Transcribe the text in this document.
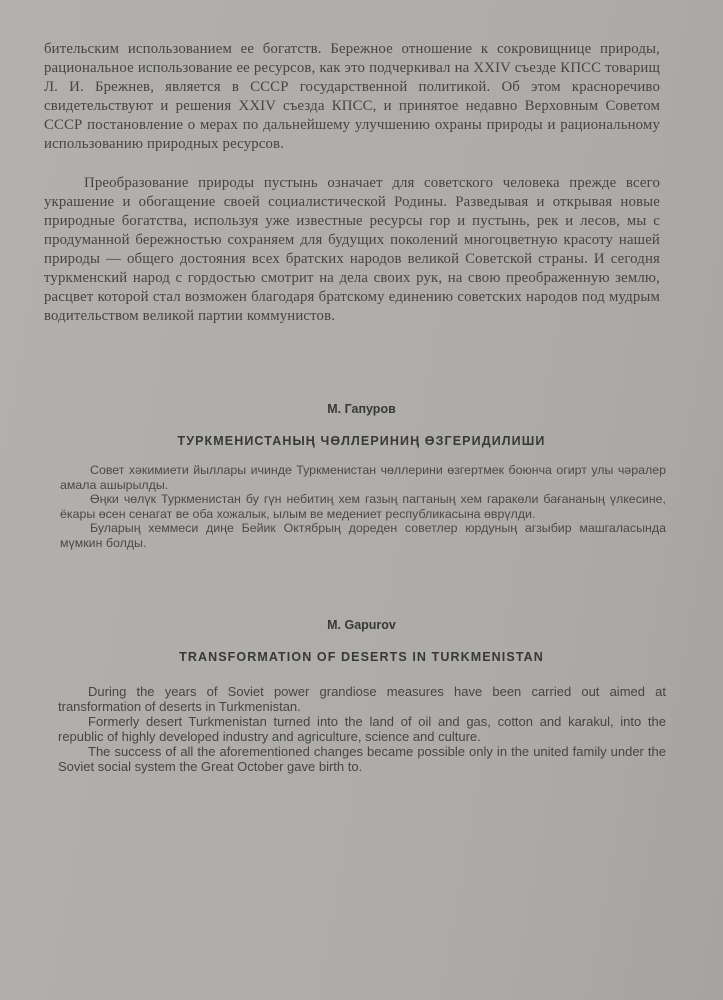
бительским использованием ее богатств. Бережное отношение к сокровищнице природы, рациональное использование ее ресурсов, как это подчеркивал на XXIV съезде КПСС товарищ Л. И. Брежнев, является в СССР государственной политикой. Об этом красноречиво свидетельствуют и решения XXIV съезда КПСС, и принятое недавно Верховным Советом СССР постановление о мерах по дальнейшему улучшению охраны природы и рациональному использованию природных ресурсов.

Преобразование природы пустынь означает для советского человека прежде всего украшение и обогащение своей социалистической Родины. Разведывая и открывая новые природные богатства, используя уже известные ресурсы гор и пустынь, рек и лесов, мы с продуманной бережностью сохраняем для будущих поколений многоцветную красоту нашей природы — общего достояния всех братских народов великой Советской страны. И сегодня туркменский народ с гордостью смотрит на дела своих рук, на свою преображенную землю, расцвет которой стал возможен благодаря братскому единению советских народов под мудрым водительством великой партии коммунистов.

М. Гапуров

ТУРКМЕНИСТАНЫҢ ЧӨЛЛЕРИНИҢ ӨЗГЕРИДИЛИШИ

Совет хәкимиети йыллары ичинде Туркменистан чөллерини өзгертмек боюнча огирт улы чәралер амала ашырылды.
Өңки чөлүк Туркменистан бу гүн небитиң хем газың пагтаның хем гаракөли бағананың үлкесине, ёкары өсен сенагат ве оба хожалык, ылым ве медениет республикасына өврүлди.
Буларың хеммеси диңе Бейик Октябрың дореден советлер юрдуның агзыбир машгаласында мүмкин болды.

M. Gapurov

TRANSFORMATION OF DESERTS IN TURKMENISTAN

During the years of Soviet power grandiose measures have been carried out aimed at transformation of deserts in Turkmenistan.
Formerly desert Turkmenistan turned into the land of oil and gas, cotton and karakul, into the republic of highly developed industry and agriculture, science and culture.
The success of all the aforementioned changes became possible only in the united family under the Soviet social system the Great October gave birth to.
